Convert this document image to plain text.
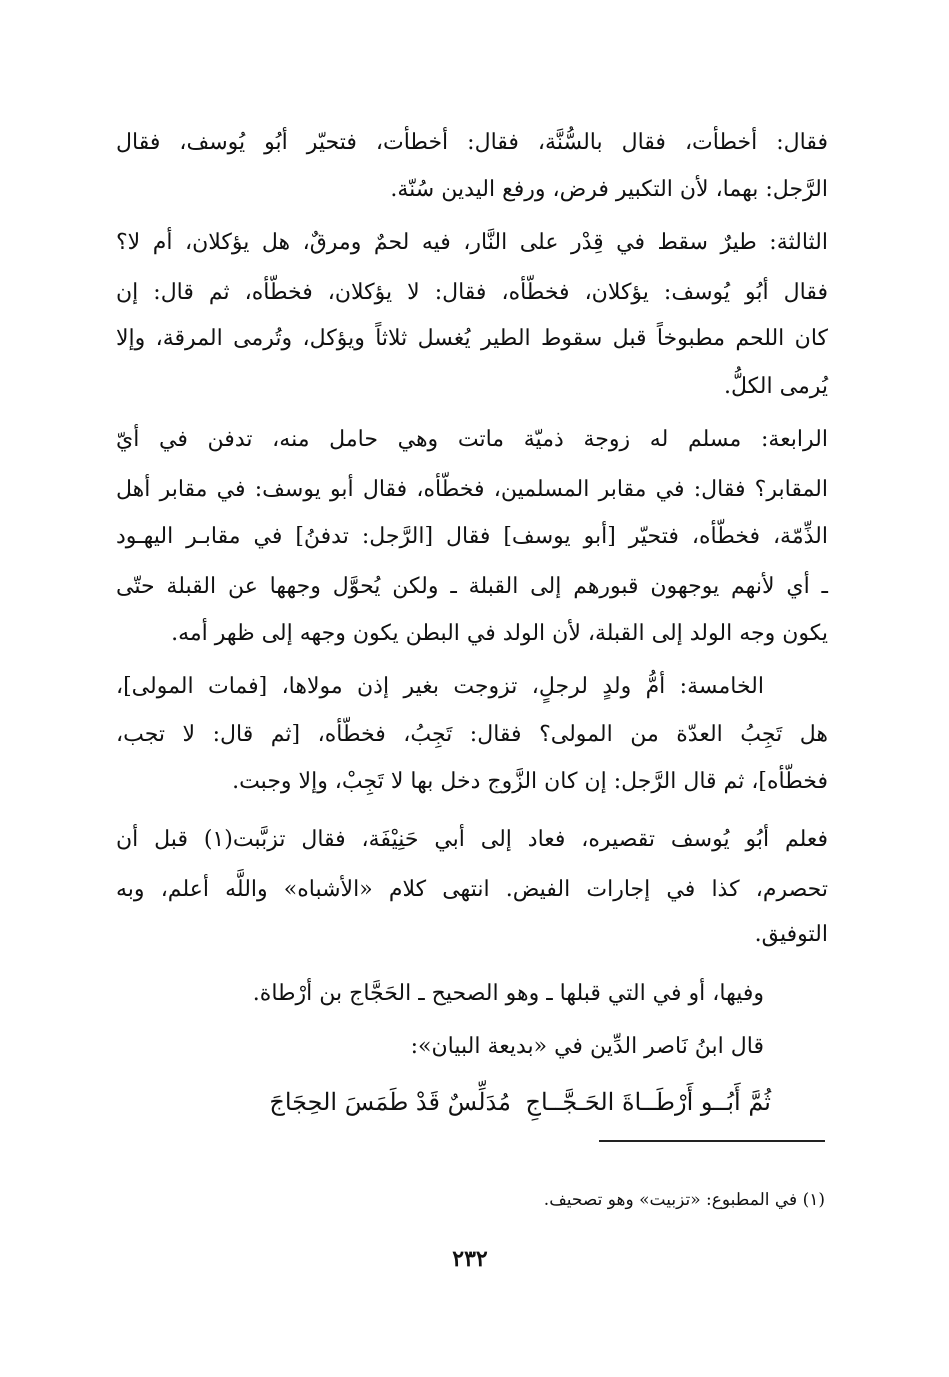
فقال: أخطأت، فقال بالسُّنَّة، فقال: أخطأت، فتحيّر أبُو يُوسف، فقال
الرَّجل: بهما، لأن التكبير فرض، ورفع اليدين سُنّة.
الثالثة: طيرٌ سقط في قِدْر على النَّار، فيه لحمٌ ومرقٌ، هل يؤكلان، أم لا؟
فقال أبُو يُوسف: يؤكلان، فخطّأه، فقال: لا يؤكلان، فخطّأه، ثم قال: إن
كان اللحم مطبوخاً قبل سقوط الطير يُغسل ثلاثاً ويؤكل، وتُرمى المرقة، وإلا
يُرمى الكلُّ.
الرابعة: مسلم له زوجة ذميّة ماتت وهي حامل منه، تدفن في أيّ
المقابر؟ فقال: في مقابر المسلمين، فخطّأه، فقال أبو يوسف: في مقابر أهل
الذِّمّة، فخطّأه، فتحيّر [أبو يوسف] فقال [الرَّجل: تدفنُ] في مقابـر اليهـود
ـ أي لأنهم يوجهون قبورهم إلى القبلة ـ ولكن يُحوَّل وجهها عن القبلة حتّى
يكون وجه الولد إلى القبلة، لأن الولد في البطن يكون وجهه إلى ظهر أمه.
الخامسة: أمُّ ولدٍ لرجلٍ، تزوجت بغير إذن مولاها، [فمات المولى]،
هل تَجِبُ العدّة من المولى؟ فقال: تَجِبُ، فخطّأه، [ثم قال: لا تجب،
فخطّأه]، ثم قال الرَّجل: إن كان الزَّوج دخل بها لا تَجِبْ، وإلا وجبت.
فعلم أبُو يُوسف تقصيره، فعاد إلى أبي حَنِيْفَة، فقال تزبَّبت(١) قبل أن
تحصرم، كذا في إجارات الفيض. انتهى كلام «الأشباه» واللَّه أعلم، وبه
التوفيق.
وفيها، أو في التي قبلها ـ وهو الصحيح ـ الحَجَّاج بن أرْطاة.
قال ابنُ نَاصر الدِّين في «بديعة البيان»:
ثُمَّ أَبُــو أَرْطَــاةَ الحَـجَّــاجِ
مُدَلِّسٌ قَدْ طَمَسَ الحِجَاجَ
(١) في المطبوع: «تزبيت» وهو تصحيف.
٢٣٢
